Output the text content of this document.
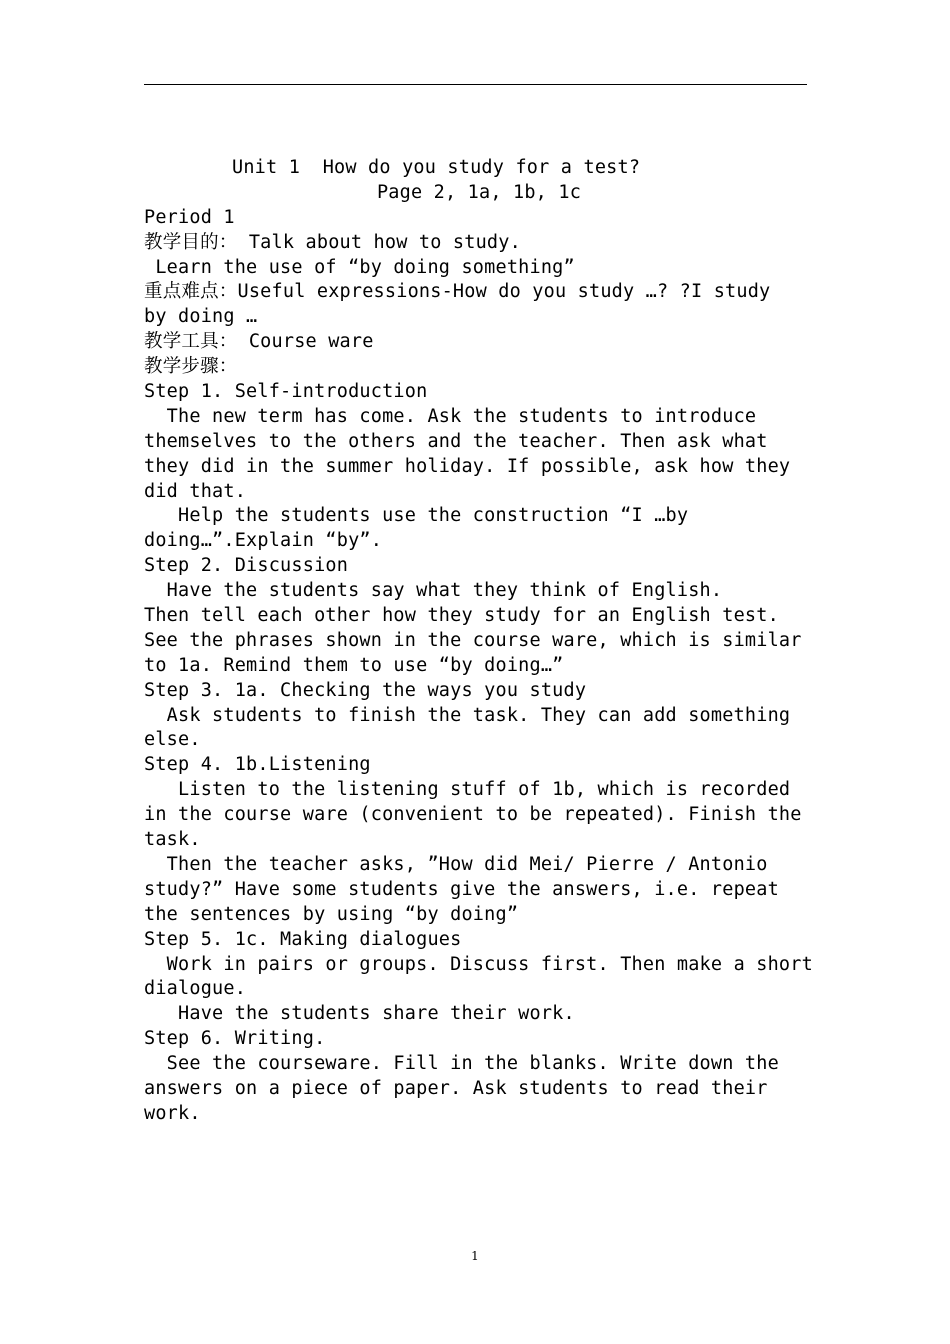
Unit 1  How do you study for a test?
Page 2, 1a, 1b, 1c
Period 1
教学目的： Talk about how to study.
Learn the use of “by doing something”
重点难点：Useful expressions-How do you study …? ?I study
by doing …
教学工具： Course ware
教学步骤：
Step 1. Self-introduction
The new term has come. Ask the students to introduce
themselves to the others and the teacher. Then ask what
they did in the summer holiday. If possible, ask how they
did that.
Help the students use the construction “I …by
doing…”.Explain “by”.
Step 2. Discussion
Have the students say what they think of English.
Then tell each other how they study for an English test.
See the phrases shown in the course ware, which is similar
to 1a. Remind them to use “by doing…”
Step 3. 1a. Checking the ways you study
Ask students to finish the task. They can add something
else.
Step 4. 1b.Listening
Listen to the listening stuff of 1b, which is recorded
in the course ware (convenient to be repeated). Finish the
task.
Then the teacher asks, ”How did Mei/ Pierre / Antonio
study?” Have some students give the answers, i.e. repeat
the sentences by using “by doing”
Step 5. 1c. Making dialogues
Work in pairs or groups. Discuss first. Then make a short
dialogue.
Have the students share their work.
Step 6. Writing.
See the courseware. Fill in the blanks. Write down the
answers on a piece of paper. Ask students to read their
work.
1
